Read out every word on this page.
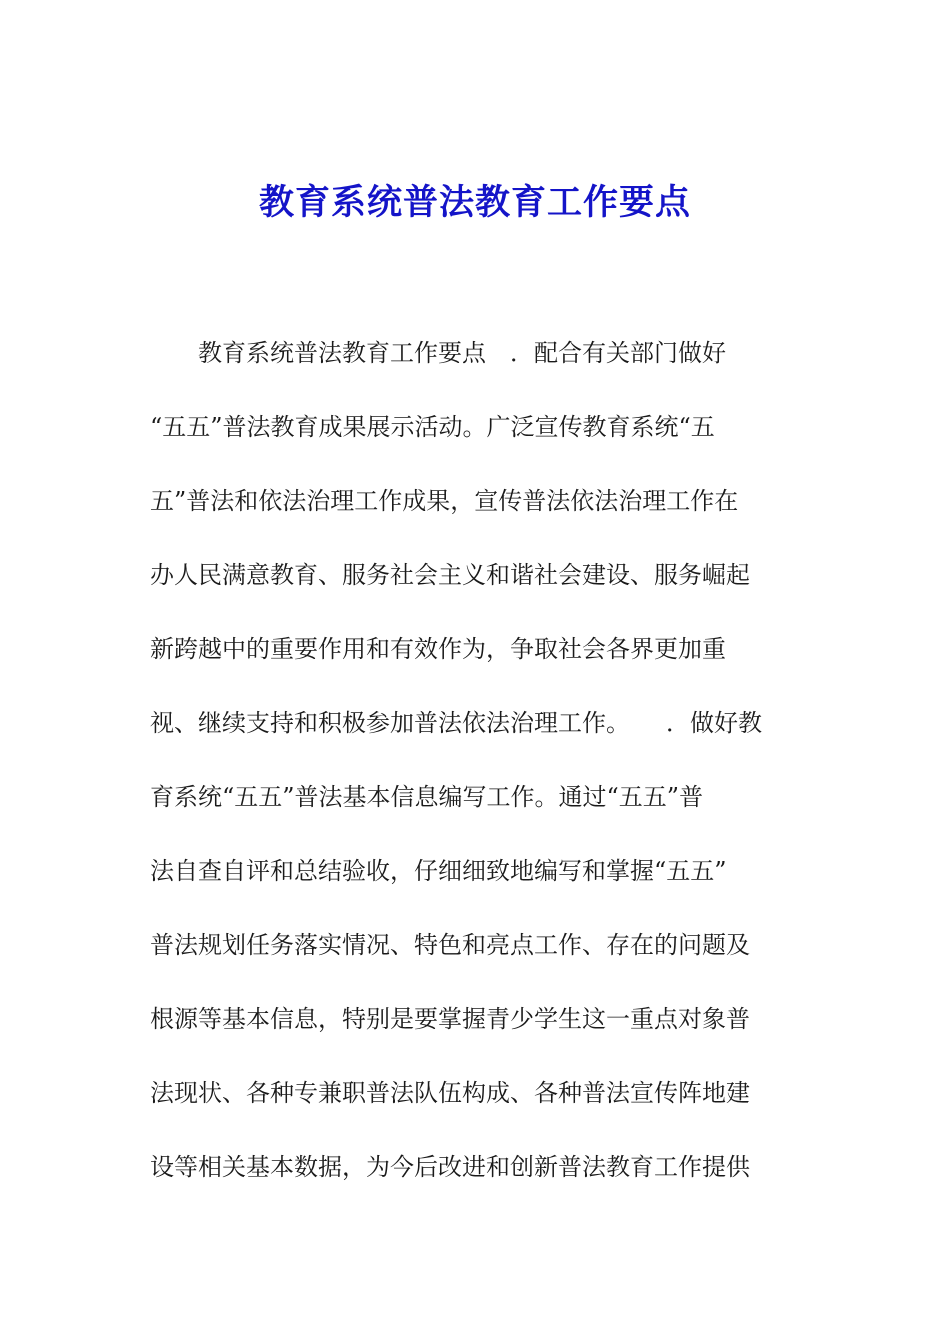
教育系统普法教育工作要点
　　教育系统普法教育工作要点　．配合有关部门做好
“五五”普法教育成果展示活动。广泛宣传教育系统“五
五”普法和依法治理工作成果，宣传普法依法治理工作在
办人民满意教育、服务社会主义和谐社会建设、服务崛起
新跨越中的重要作用和有效作为，争取社会各界更加重
视、继续支持和积极参加普法依法治理工作。　　．做好教
育系统“五五”普法基本信息编写工作。通过“五五”普
法自查自评和总结验收，仔细细致地编写和掌握“五五”
普法规划任务落实情况、特色和亮点工作、存在的问题及
根源等基本信息，特别是要掌握青少学生这一重点对象普
法现状、各种专兼职普法队伍构成、各种普法宣传阵地建
设等相关基本数据，为今后改进和创新普法教育工作提供
